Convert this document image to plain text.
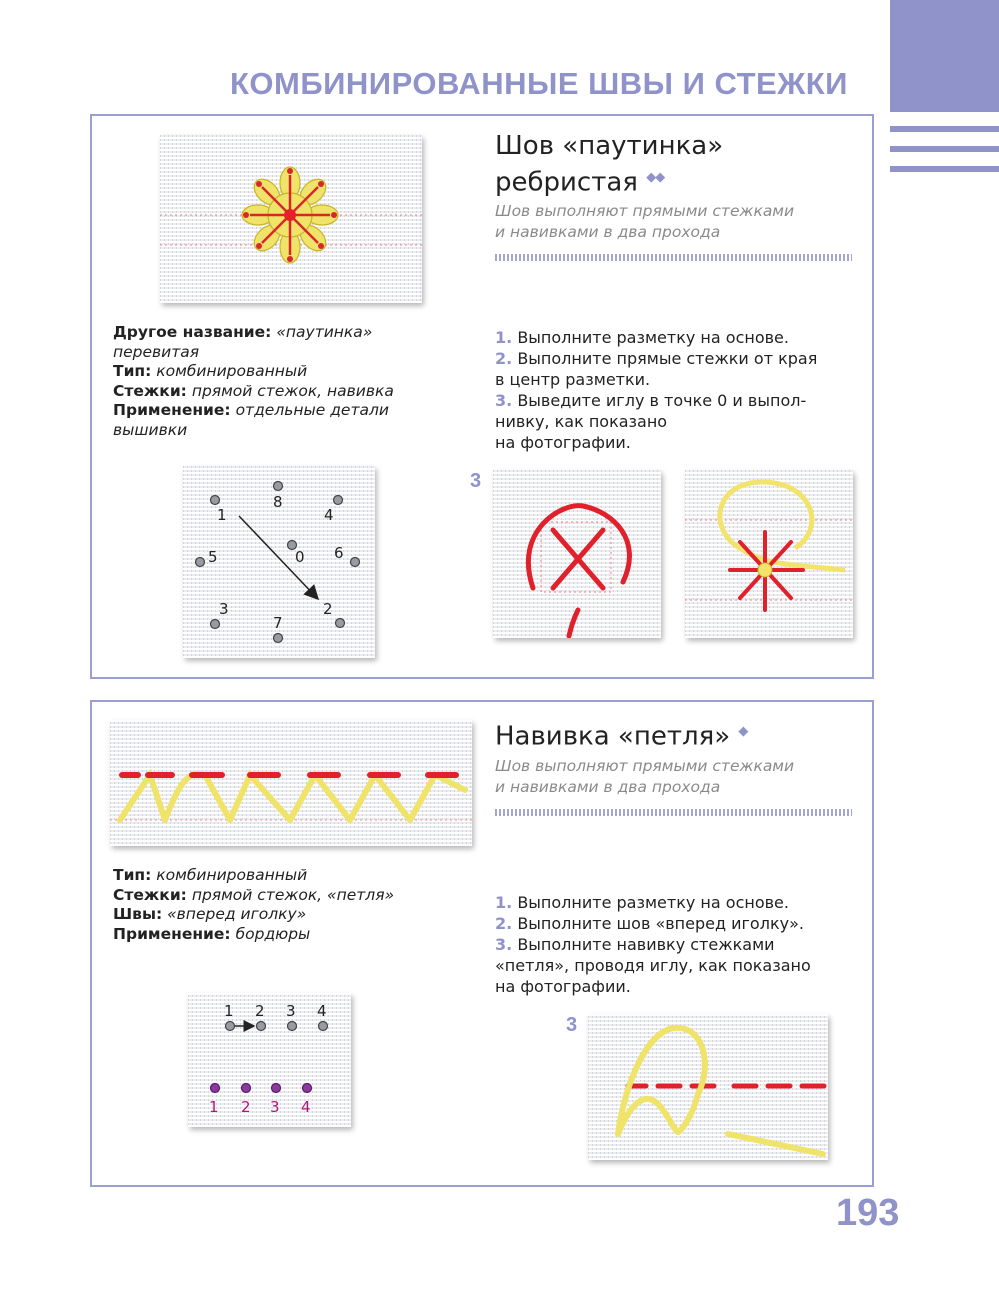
КОМБИНИРОВАННЫЕ ШВЫ И СТЕЖКИ
Шов «паутинка»
ребристая ◆◆
Шов выполняют прямыми стежками
и навивками в два прохода
Другое название: «паутинка»
перевитая
Тип: комбинированный
Стежки: прямой стежок, навивка
Применение: отдельные детали
вышивки
1. Выполните разметку на основе.
2. Выполните прямые стежки от края
в центр разметки.
3. Выведите иглу в точке 0 и выпол-
нивку, как показано
на фотографии.
1
8
4
5	0 6
3
7
2
3
Навивка «петля» ◆
Шов выполняют прямыми стежками
и навивками в два прохода
Тип: комбинированный
Стежки: прямой стежок, «петля»
Швы: «вперед иголку»
Применение: бордюры
1. Выполните разметку на основе.
2. Выполните шов «вперед иголку».
3. Выполните навивку стежками
«петля», проводя иглу, как показано
на фотографии.
1 2 3 4
1 2 3 4
3
193
